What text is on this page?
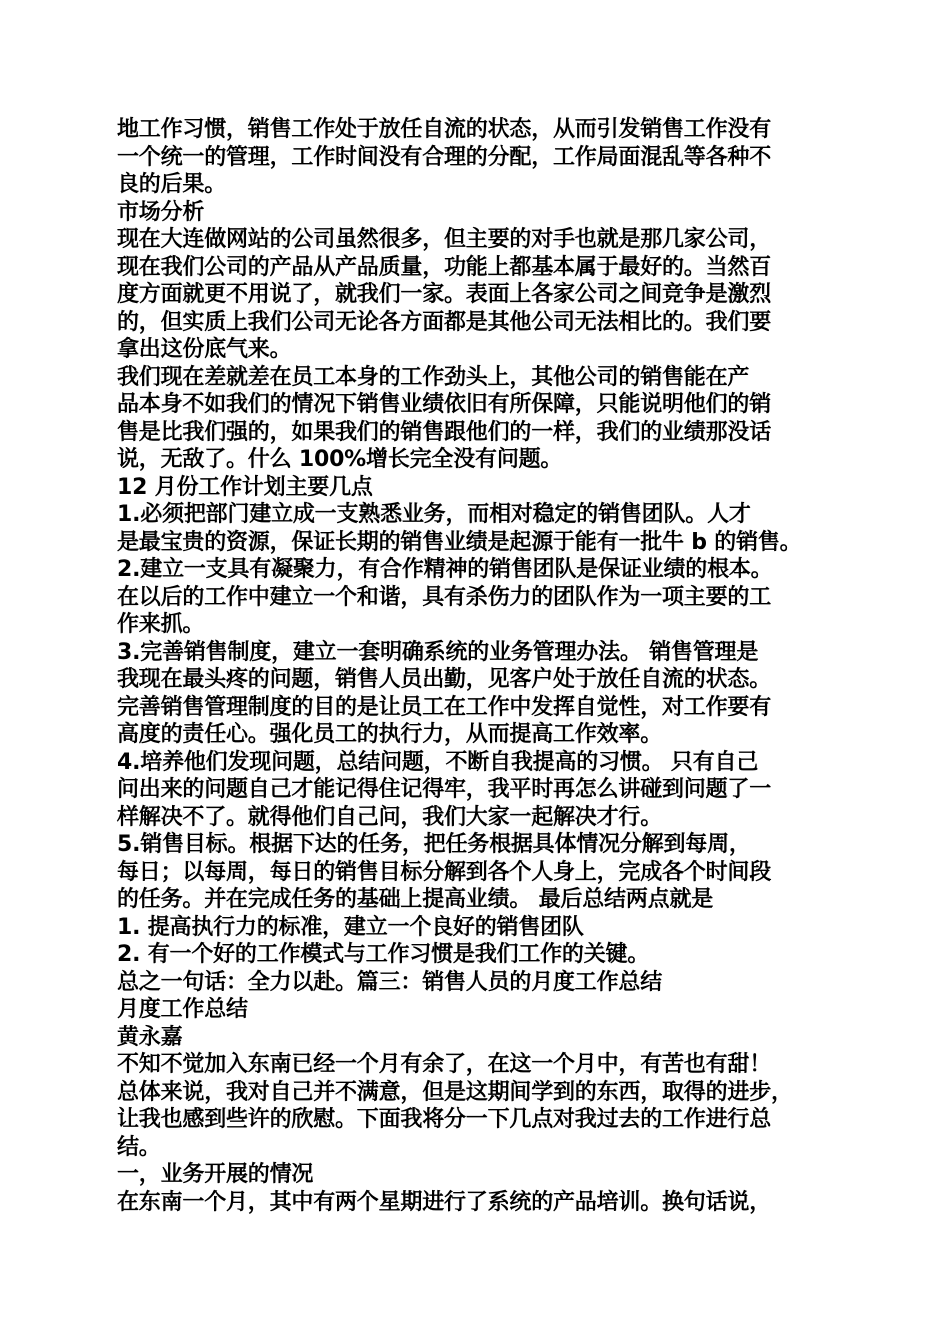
地工作习惯，销售工作处于放任自流的状态，从而引发销售工作没有
一个统一的管理，工作时间没有合理的分配，工作局面混乱等各种不
良的后果。
市场分析
现在大连做网站的公司虽然很多，但主要的对手也就是那几家公司，
现在我们公司的产品从产品质量，功能上都基本属于最好的。当然百
度方面就更不用说了，就我们一家。表面上各家公司之间竞争是激烈
的，但实质上我们公司无论各方面都是其他公司无法相比的。我们要
拿出这份底气来。
我们现在差就差在员工本身的工作劲头上，其他公司的销售能在产
品本身不如我们的情况下销售业绩依旧有所保障，只能说明他们的销
售是比我们强的，如果我们的销售跟他们的一样，我们的业绩那没话
说，无敌了。什么 100%增长完全没有问题。
12 月份工作计划主要几点
1.必须把部门建立成一支熟悉业务，而相对稳定的销售团队。人才
是最宝贵的资源，保证长期的销售业绩是起源于能有一批牛 b 的销售。
2.建立一支具有凝聚力，有合作精神的销售团队是保证业绩的根本。
在以后的工作中建立一个和谐，具有杀伤力的团队作为一项主要的工
作来抓。
3.完善销售制度，建立一套明确系统的业务管理办法。 销售管理是
我现在最头疼的问题，销售人员出勤，见客户处于放任自流的状态。
完善销售管理制度的目的是让员工在工作中发挥自觉性，对工作要有
高度的责任心。强化员工的执行力，从而提高工作效率。
4.培养他们发现问题，总结问题，不断自我提高的习惯。 只有自己
问出来的问题自己才能记得住记得牢，我平时再怎么讲碰到问题了一
样解决不了。就得他们自己问，我们大家一起解决才行。
5.销售目标。根据下达的任务，把任务根据具体情况分解到每周，
每日；以每周，每日的销售目标分解到各个人身上，完成各个时间段
的任务。并在完成任务的基础上提高业绩。 最后总结两点就是
1. 提高执行力的标准，建立一个良好的销售团队
2. 有一个好的工作模式与工作习惯是我们工作的关键。
总之一句话：全力以赴。篇三：销售人员的月度工作总结
月度工作总结
黄永嘉
不知不觉加入东南已经一个月有余了，在这一个月中，有苦也有甜！
总体来说，我对自己并不满意，但是这期间学到的东西，取得的进步，
让我也感到些许的欣慰。下面我将分一下几点对我过去的工作进行总
结。
一，业务开展的情况
在东南一个月，其中有两个星期进行了系统的产品培训。换句话说，
